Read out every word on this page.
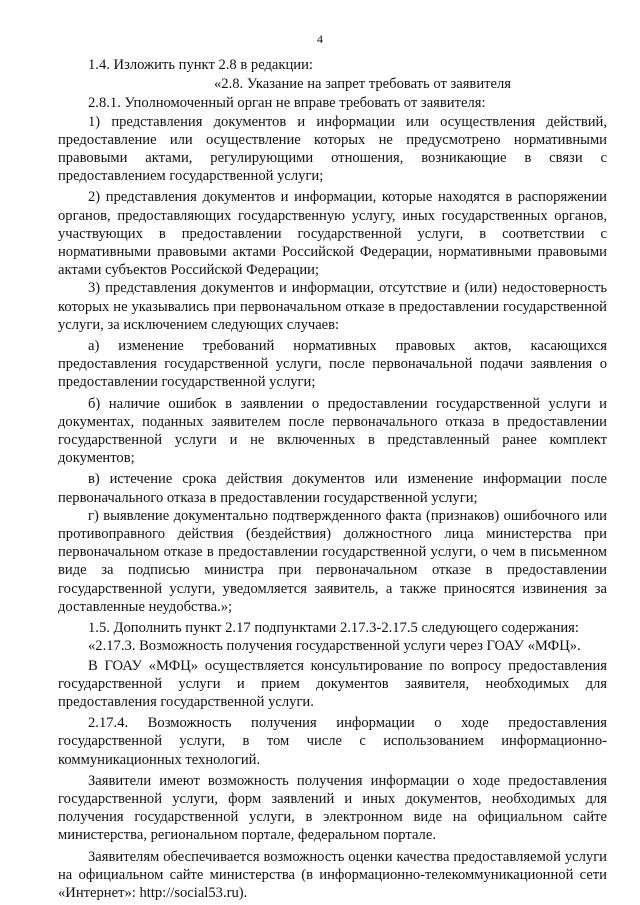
4

1.4. Изложить пункт 2.8 в редакции:

«2.8. Указание на запрет требовать от заявителя

2.8.1. Уполномоченный орган не вправе требовать от заявителя:

1) представления документов и информации или осуществления действий, предоставление или осуществление которых не предусмотрено нормативными правовыми актами, регулирующими отношения, возникающие в связи с предоставлением государственной услуги;

2) представления документов и информации, которые находятся в распоряжении органов, предоставляющих государственную услугу, иных государственных органов, участвующих в предоставлении государственной услуги, в соответствии с нормативными правовыми актами Российской Федерации, нормативными правовыми актами субъектов Российской Федерации;

3) представления документов и информации, отсутствие и (или) недостоверность которых не указывались при первоначальном отказе в предоставлении государственной услуги, за исключением следующих случаев:

а) изменение требований нормативных правовых актов, касающихся предоставления государственной услуги, после первоначальной подачи заявления о предоставлении государственной услуги;

б) наличие ошибок в заявлении о предоставлении государственной услуги и документах, поданных заявителем после первоначального отказа в предоставлении государственной услуги и не включенных в представленный ранее комплект документов;

в) истечение срока действия документов или изменение информации после первоначального отказа в предоставлении государственной услуги;

г) выявление документально подтвержденного факта (признаков) ошибочного или противоправного действия (бездействия) должностного лица министерства при первоначальном отказе в предоставлении государственной услуги, о чем в письменном виде за подписью министра при первоначальном отказе в предоставлении государственной услуги, уведомляется заявитель, а также приносятся извинения за доставленные неудобства.»;

1.5. Дополнить пункт 2.17 подпунктами 2.17.3-2.17.5 следующего содержания:

«2.17.3. Возможность получения государственной услуги через ГОАУ «МФЦ».

В ГОАУ «МФЦ» осуществляется консультирование по вопросу предоставления государственной услуги и прием документов заявителя, необходимых для предоставления государственной услуги.

2.17.4. Возможность получения информации о ходе предоставления государственной услуги, в том числе с использованием информационно-коммуникационных технологий.

Заявители имеют возможность получения информации о ходе предоставления государственной услуги, форм заявлений и иных документов, необходимых для получения государственной услуги, в электронном виде на официальном сайте министерства, региональном портале, федеральном портале.

Заявителям обеспечивается возможность оценки качества предоставляемой услуги на официальном сайте министерства (в информационно-телекоммуникационной сети «Интернет»: http://social53.ru).
